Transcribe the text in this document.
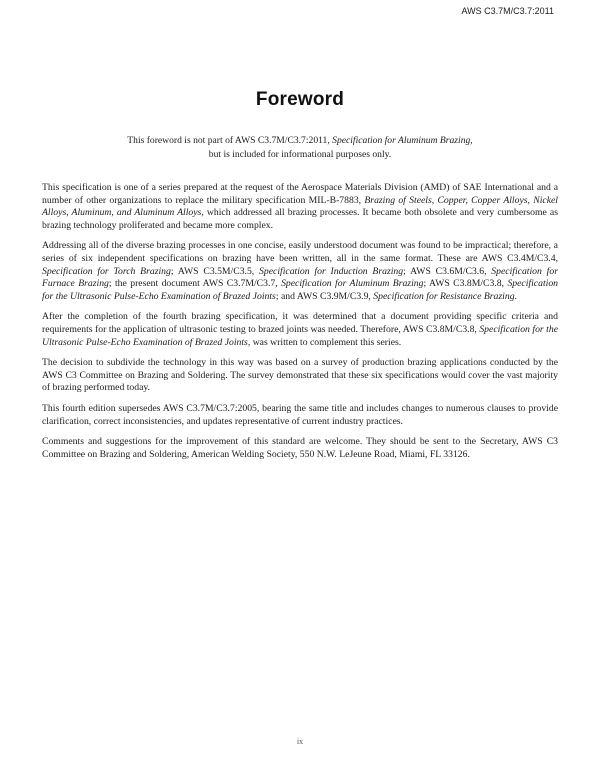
AWS C3.7M/C3.7:2011
Foreword
This foreword is not part of AWS C3.7M/C3.7:2011, Specification for Aluminum Brazing,
but is included for informational purposes only.

This specification is one of a series prepared at the request of the Aerospace Materials Division (AMD) of SAE International and a number of other organizations to replace the military specification MIL-B-7883, Brazing of Steels, Copper, Copper Alloys, Nickel Alloys, Aluminum, and Aluminum Alloys, which addressed all brazing processes. It became both obsolete and very cumbersome as brazing technology proliferated and became more complex.

Addressing all of the diverse brazing processes in one concise, easily understood document was found to be impractical; therefore, a series of six independent specifications on brazing have been written, all in the same format. These are AWS C3.4M/C3.4, Specification for Torch Brazing; AWS C3.5M/C3.5, Specification for Induction Brazing; AWS C3.6M/C3.6, Specification for Furnace Brazing; the present document AWS C3.7M/C3.7, Specification for Aluminum Brazing; AWS C3.8M/C3.8, Specification for the Ultrasonic Pulse-Echo Examination of Brazed Joints; and AWS C3.9M/C3.9, Specification for Resistance Brazing.

After the completion of the fourth brazing specification, it was determined that a document providing specific criteria and requirements for the application of ultrasonic testing to brazed joints was needed. Therefore, AWS C3.8M/C3.8, Specification for the Ultrasonic Pulse-Echo Examination of Brazed Joints, was written to complement this series.

The decision to subdivide the technology in this way was based on a survey of production brazing applications conducted by the AWS C3 Committee on Brazing and Soldering. The survey demonstrated that these six specifications would cover the vast majority of brazing performed today.

This fourth edition supersedes AWS C3.7M/C3.7:2005, bearing the same title and includes changes to numerous clauses to provide clarification, correct inconsistencies, and updates representative of current industry practices.

Comments and suggestions for the improvement of this standard are welcome. They should be sent to the Secretary, AWS C3 Committee on Brazing and Soldering, American Welding Society, 550 N.W. LeJeune Road, Miami, FL 33126.

ix
